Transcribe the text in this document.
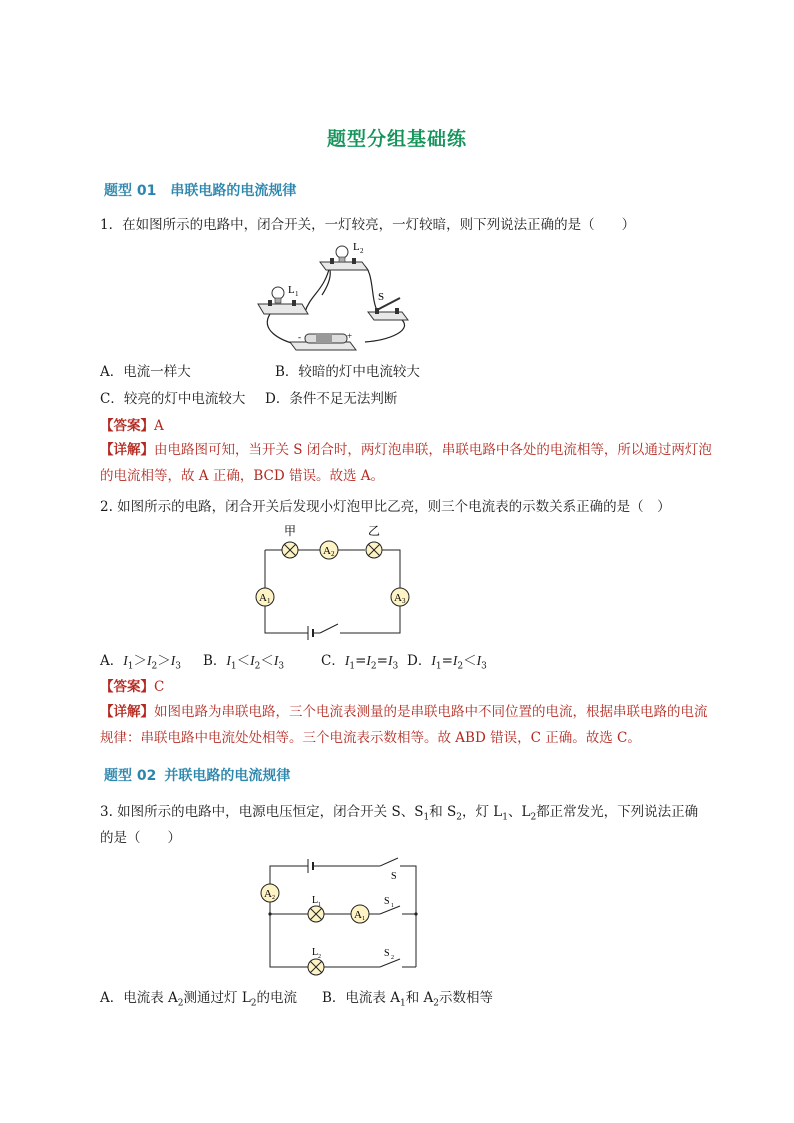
题型分组基础练
题型 01 串联电路的电流规律
1．在如图所示的电路中，闭合开关，一灯较亮，一灯较暗，则下列说法正确的是（　　）
L 2
L 1	S
-	+
A．电流一样大	B．较暗的灯中电流较大
C．较亮的灯中电流较大 D．条件不足无法判断
【答案】A
【详解】由电路图可知，当开关 S 闭合时，两灯泡串联，串联电路中各处的电流相等，所以通过两灯泡的电流相等，故 A 正确，BCD 错误。故选 A。
2. 如图所示的电路，闭合开关后发现小灯泡甲比乙亮，则三个电流表的示数关系正确的是（　）
甲	乙
A 2
A 1	A 3
A．$I_1>I_2>I_3$ B．$I_1<I_2<I_3$	C．$I_1=I_2=I_3$ D．$I_1=I_2<I_3$
【答案】C
【详解】如图电路为串联电路，三个电流表测量的是串联电路中不同位置的电流，根据串联电路的电流规律：串联电路中电流处处相等。三个电流表示数相等。故 ABD 错误，C 正确。故选 C。
题型 02 并联电路的电流规律
3. 如图所示的电路中，电源电压恒定，闭合开关 S、$S_1$和 $S_2$，灯 $L_1$、$L_2$都正常发光，下列说法正确
的是（　　）
S
S 1
S 2
A 2	L 1
A 1
L 2
A．电流表 $A_2$测通过灯 $L_2$的电流 B．电流表 $A_1$和 $A_2$示数相等
